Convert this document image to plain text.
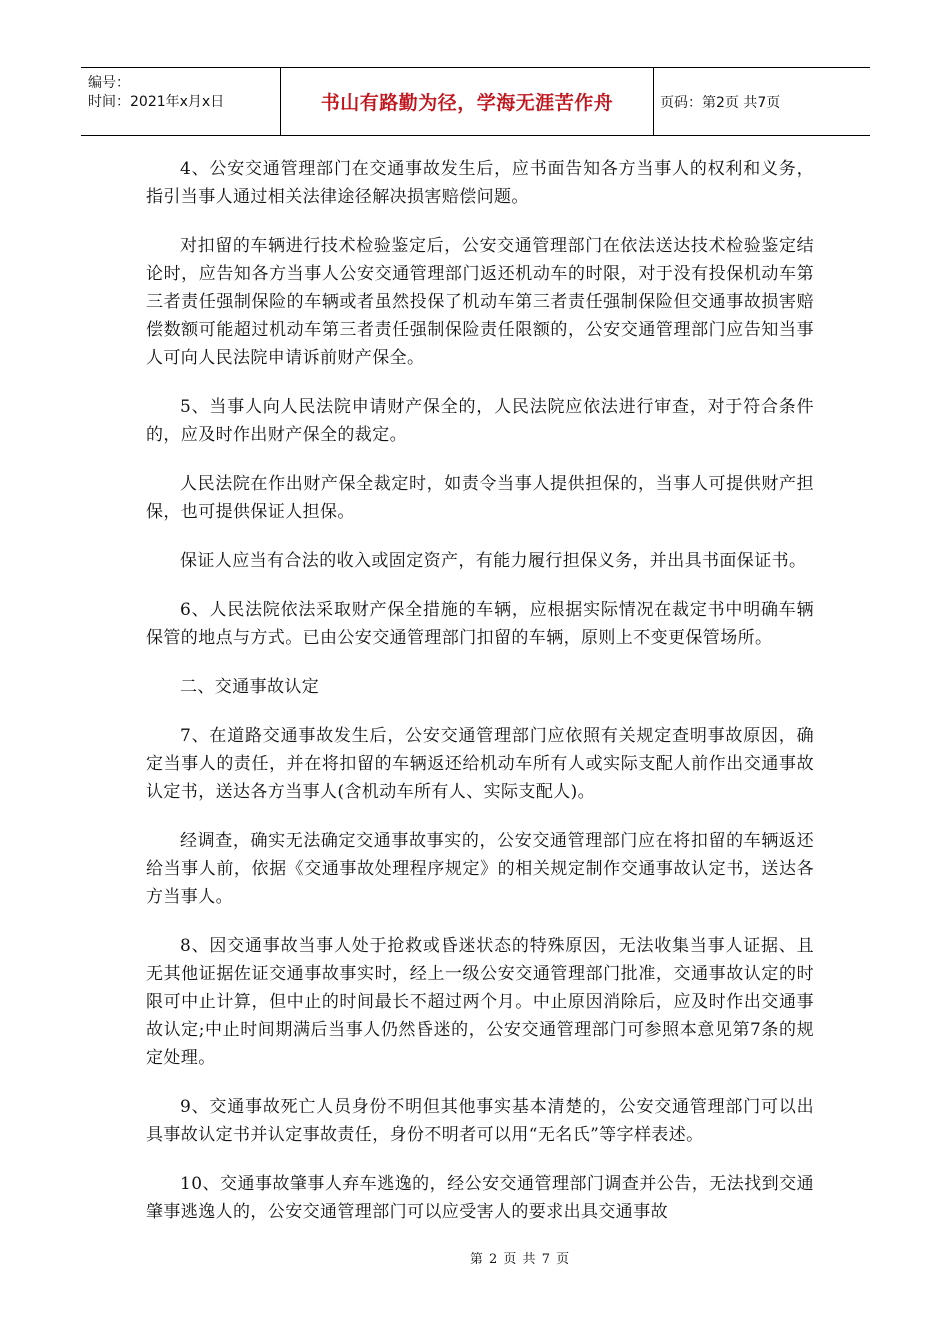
编号：
时间：2021年x月x日	书山有路勤为径，学海无涯苦作舟	页码：第2页 共7页

4、公安交通管理部门在交通事故发生后，应书面告知各方当事人的权利和义务，指引当事人通过相关法律途径解决损害赔偿问题。

对扣留的车辆进行技术检验鉴定后，公安交通管理部门在依法送达技术检验鉴定结论时，应告知各方当事人公安交通管理部门返还机动车的时限，对于没有投保机动车第三者责任强制保险的车辆或者虽然投保了机动车第三者责任强制保险但交通事故损害赔偿数额可能超过机动车第三者责任强制保险责任限额的，公安交通管理部门应告知当事人可向人民法院申请诉前财产保全。

5、当事人向人民法院申请财产保全的，人民法院应依法进行审查，对于符合条件的，应及时作出财产保全的裁定。

人民法院在作出财产保全裁定时，如责令当事人提供担保的，当事人可提供财产担保，也可提供保证人担保。

保证人应当有合法的收入或固定资产，有能力履行担保义务，并出具书面保证书。

6、人民法院依法采取财产保全措施的车辆，应根据实际情况在裁定书中明确车辆保管的地点与方式。已由公安交通管理部门扣留的车辆，原则上不变更保管场所。

二、交通事故认定

7、在道路交通事故发生后，公安交通管理部门应依照有关规定查明事故原因，确定当事人的责任，并在将扣留的车辆返还给机动车所有人或实际支配人前作出交通事故认定书，送达各方当事人(含机动车所有人、实际支配人)。

经调查，确实无法确定交通事故事实的，公安交通管理部门应在将扣留的车辆返还给当事人前，依据《交通事故处理程序规定》的相关规定制作交通事故认定书，送达各方当事人。

8、因交通事故当事人处于抢救或昏迷状态的特殊原因，无法收集当事人证据、且无其他证据佐证交通事故事实时，经上一级公安交通管理部门批准，交通事故认定的时限可中止计算，但中止的时间最长不超过两个月。中止原因消除后，应及时作出交通事故认定;中止时间期满后当事人仍然昏迷的，公安交通管理部门可参照本意见第7条的规定处理。

9、交通事故死亡人员身份不明但其他事实基本清楚的，公安交通管理部门可以出具事故认定书并认定事故责任，身份不明者可以用“无名氏”等字样表述。

10、交通事故肇事人弃车逃逸的，经公安交通管理部门调查并公告，无法找到交通肇事逃逸人的，公安交通管理部门可以应受害人的要求出具交通事故

第 2 页 共 7 页
